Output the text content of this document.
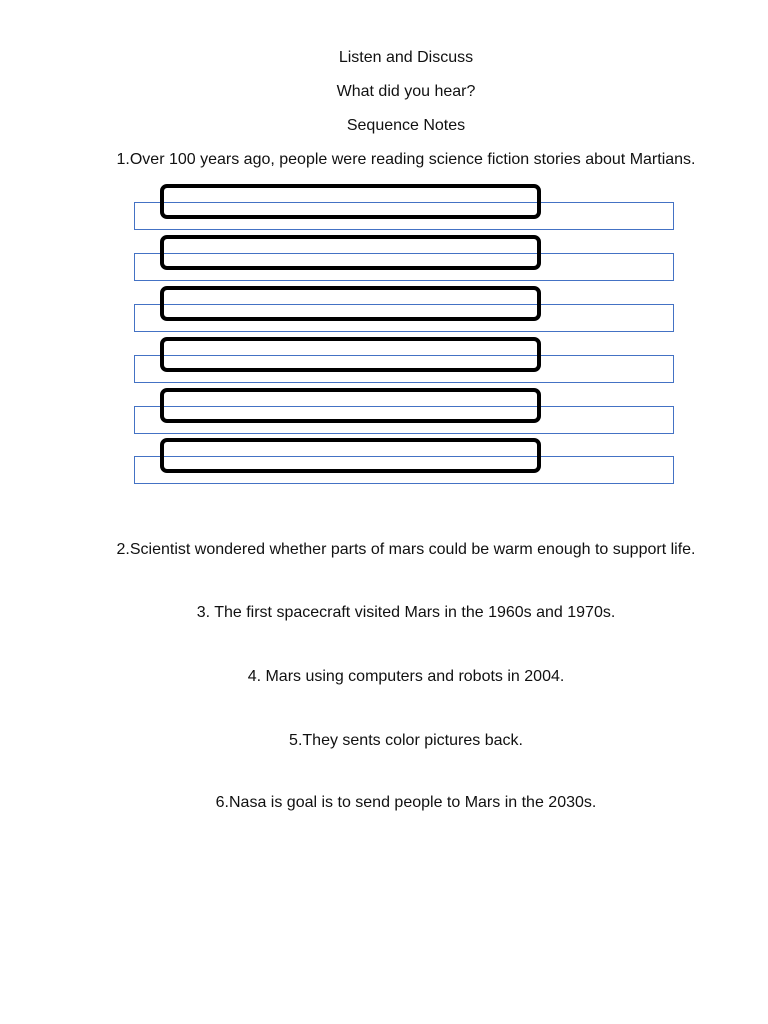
Listen and Discuss
What did you hear?
Sequence Notes
1.Over 100 years ago, people were reading science fiction stories about Martians.
2.Scientist wondered whether parts of mars could be warm enough to support life.
3. The first spacecraft visited Mars in the 1960s and 1970s.
4. Mars using computers and robots in 2004.
5.They sents color pictures back.
6.Nasa is goal is to send people to Mars in the 2030s.
